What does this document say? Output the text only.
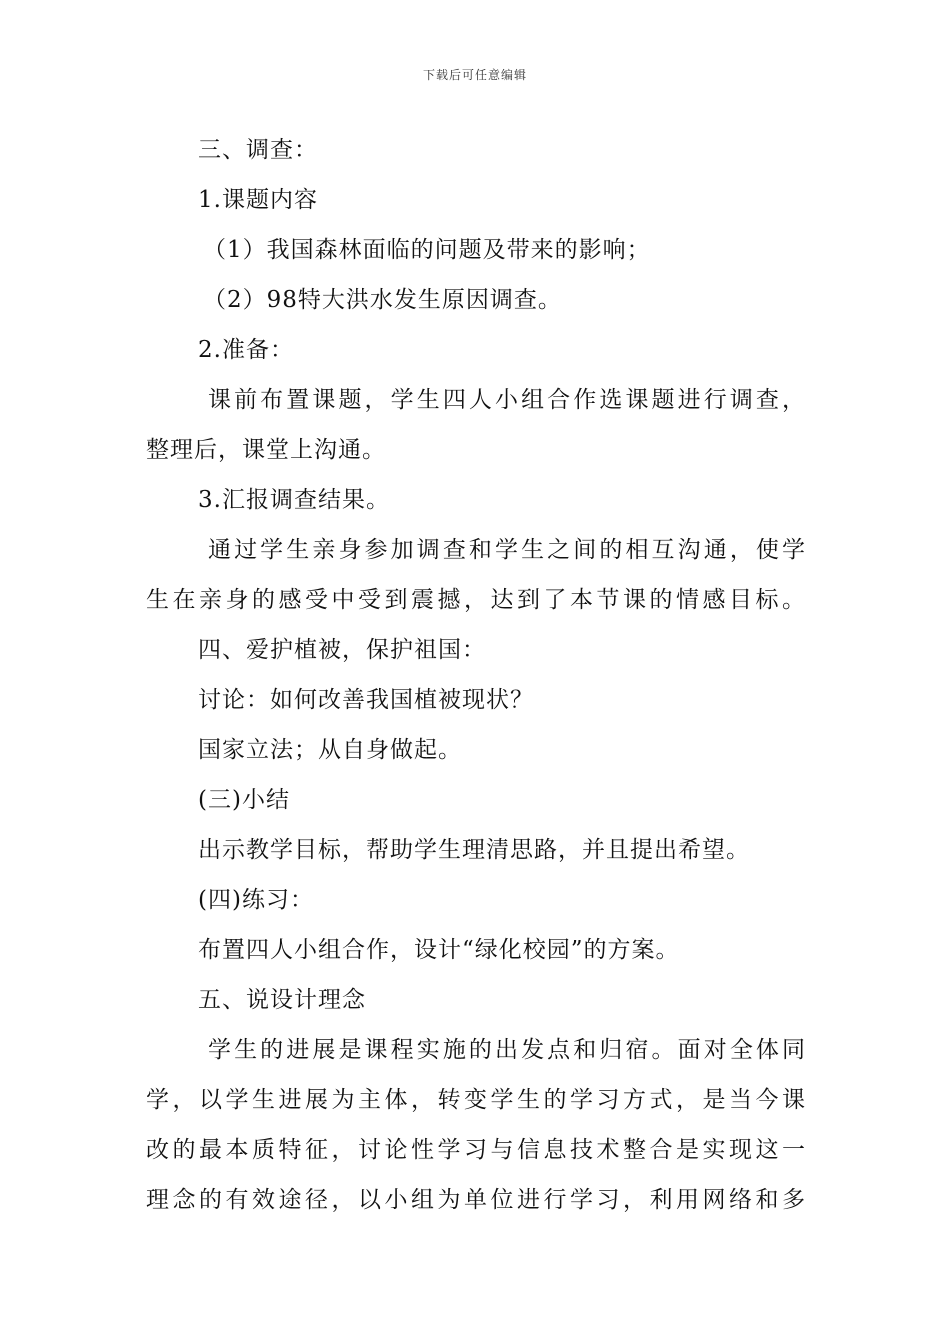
下载后可任意编辑
三、调查：
1.课题内容
（1）我国森林面临的问题及带来的影响；
（2）98特大洪水发生原因调查。
2.准备：
课前布置课题，学生四人小组合作选课题进行调查，
整理后，课堂上沟通。
3.汇报调查结果。
通过学生亲身参加调查和学生之间的相互沟通，使学
生在亲身的感受中受到震撼，达到了本节课的情感目标。
四、爱护植被，保护祖国：
讨论：如何改善我国植被现状？
国家立法；从自身做起。
(三)小结
出示教学目标，帮助学生理清思路，并且提出希望。
(四)练习：
布置四人小组合作，设计“绿化校园”的方案。
五、说设计理念
学生的进展是课程实施的出发点和归宿。面对全体同
学，以学生进展为主体，转变学生的学习方式，是当今课
改的最本质特征，讨论性学习与信息技术整合是实现这一
理念的有效途径，以小组为单位进行学习，利用网络和多
